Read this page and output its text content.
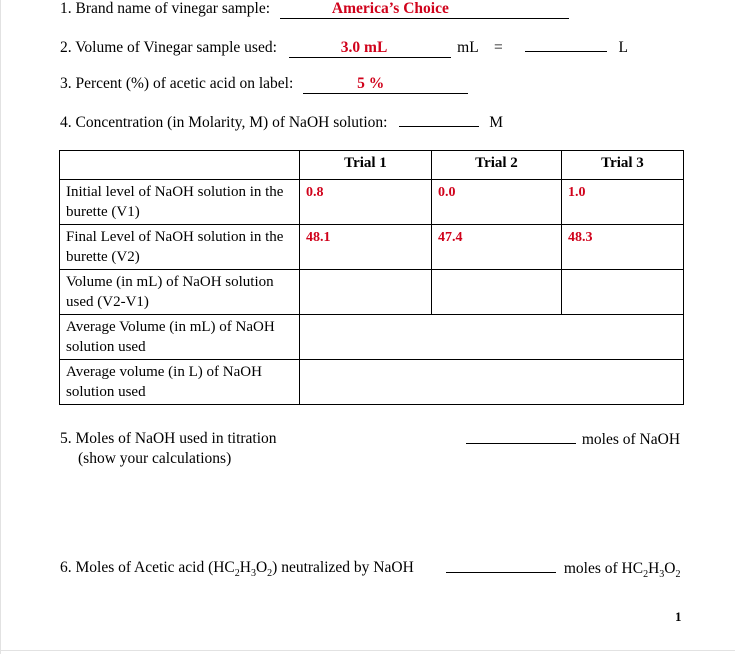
1. Brand name of vinegar sample:	America’s Choice
2. Volume of Vinegar sample used:	3.0 mL	mL =	L
3. Percent (%) of acetic acid on label:	5 %
4. Concentration (in Molarity, M) of NaOH solution:	M
	Trial 1	Trial 2	Trial 3
Initial level of NaOH solution in the burette (V1)	0.8	0.0	1.0
Final Level of NaOH solution in the burette (V2)	48.1	47.4	48.3
Volume (in mL) of NaOH solution used (V2-V1)			
Average Volume (in mL) of NaOH solution used			
Average volume (in L) of NaOH solution used			
5. Moles of NaOH used in titration
(show your calculations)
moles of NaOH
6. Moles of Acetic acid $(HC_2H_3O_2)$ neutralized by NaOH	moles of $HC_2H_3O_2$
1
